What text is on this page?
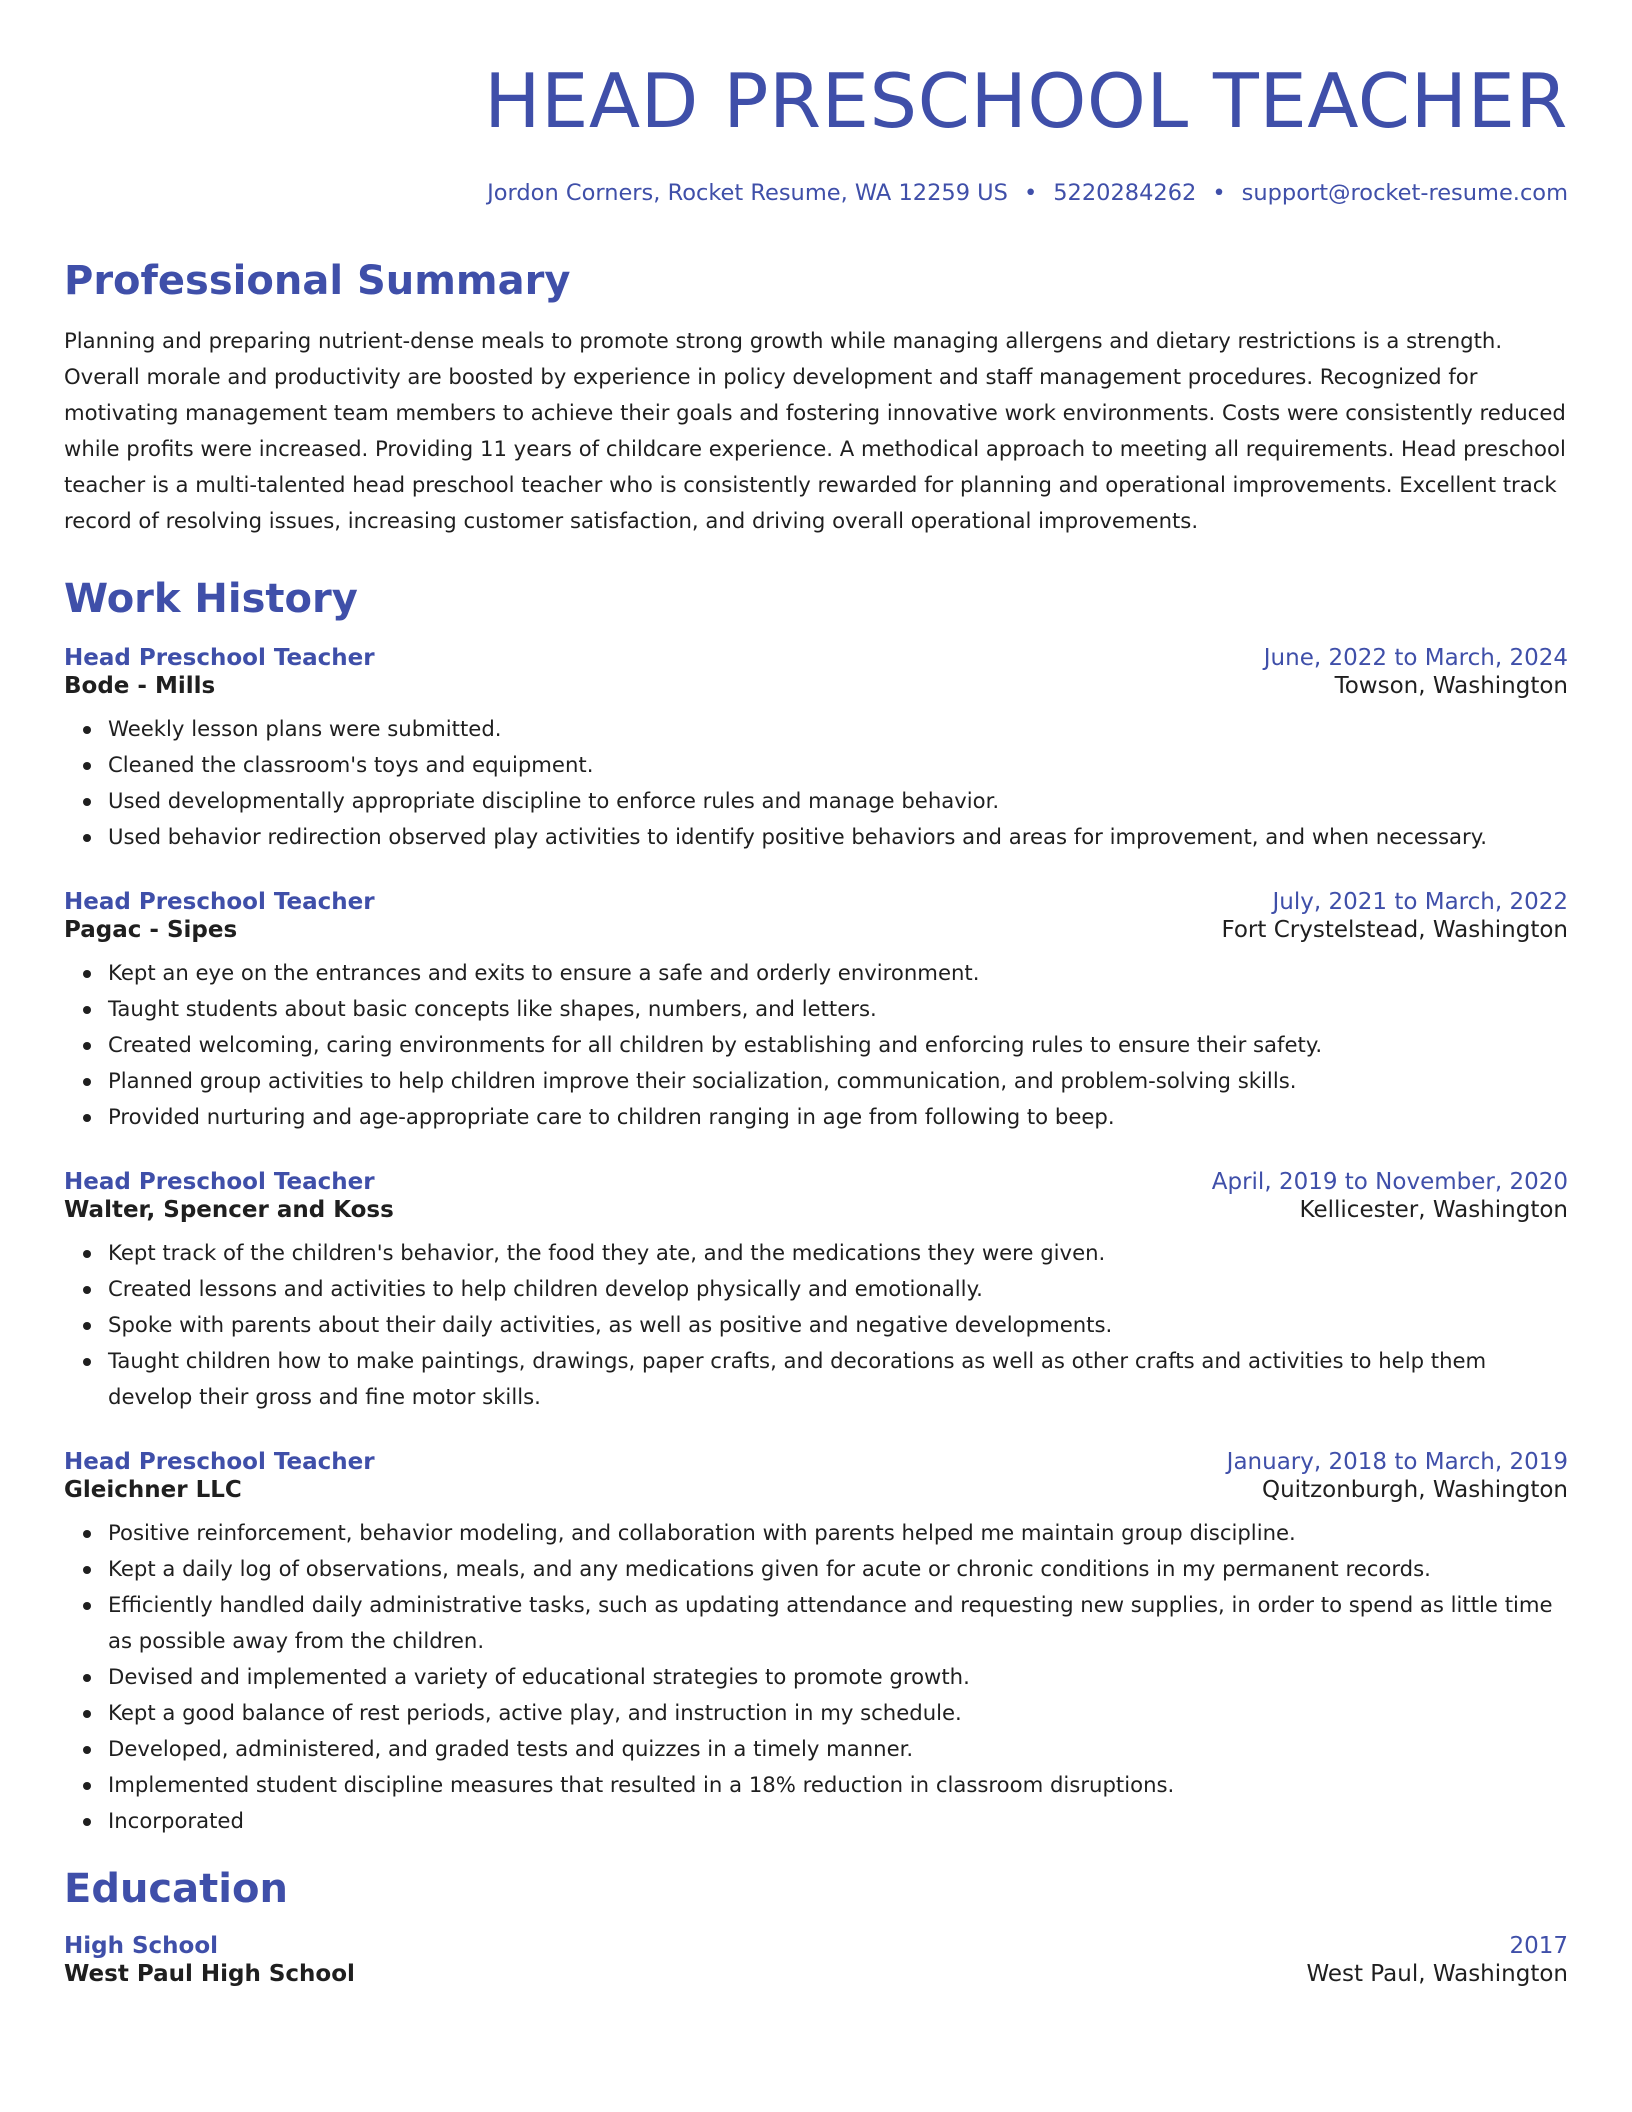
HEAD PRESCHOOL TEACHER
Jordon Corners, Rocket Resume, WA 12259 US • 5220284262 • support@rocket-resume.com
Professional Summary
Planning and preparing nutrient-dense meals to promote strong growth while managing allergens and dietary restrictions is a strength. Overall morale and productivity are boosted by experience in policy development and staff management procedures. Recognized for motivating management team members to achieve their goals and fostering innovative work environments. Costs were consistently reduced while profits were increased. Providing 11 years of childcare experience. A methodical approach to meeting all requirements. Head preschool teacher is a multi-talented head preschool teacher who is consistently rewarded for planning and operational improvements. Excellent track record of resolving issues, increasing customer satisfaction, and driving overall operational improvements.
Work History
Head Preschool Teacher	June, 2022 to March, 2024
Bode - Mills	Towson, Washington
Weekly lesson plans were submitted.
Cleaned the classroom's toys and equipment.
Used developmentally appropriate discipline to enforce rules and manage behavior.
Used behavior redirection observed play activities to identify positive behaviors and areas for improvement, and when necessary.
Head Preschool Teacher	July, 2021 to March, 2022
Pagac - Sipes	Fort Crystelstead, Washington
Kept an eye on the entrances and exits to ensure a safe and orderly environment.
Taught students about basic concepts like shapes, numbers, and letters.
Created welcoming, caring environments for all children by establishing and enforcing rules to ensure their safety.
Planned group activities to help children improve their socialization, communication, and problem-solving skills.
Provided nurturing and age-appropriate care to children ranging in age from following to beep.
Head Preschool Teacher	April, 2019 to November, 2020
Walter, Spencer and Koss	Kellicester, Washington
Kept track of the children's behavior, the food they ate, and the medications they were given.
Created lessons and activities to help children develop physically and emotionally.
Spoke with parents about their daily activities, as well as positive and negative developments.
Taught children how to make paintings, drawings, paper crafts, and decorations as well as other crafts and activities to help them develop their gross and fine motor skills.
Head Preschool Teacher	January, 2018 to March, 2019
Gleichner LLC	Quitzonburgh, Washington
Positive reinforcement, behavior modeling, and collaboration with parents helped me maintain group discipline.
Kept a daily log of observations, meals, and any medications given for acute or chronic conditions in my permanent records.
Efficiently handled daily administrative tasks, such as updating attendance and requesting new supplies, in order to spend as little time as possible away from the children.
Devised and implemented a variety of educational strategies to promote growth.
Kept a good balance of rest periods, active play, and instruction in my schedule.
Developed, administered, and graded tests and quizzes in a timely manner.
Implemented student discipline measures that resulted in a 18% reduction in classroom disruptions.
Incorporated
Education
High School	2017
West Paul High School	West Paul, Washington
